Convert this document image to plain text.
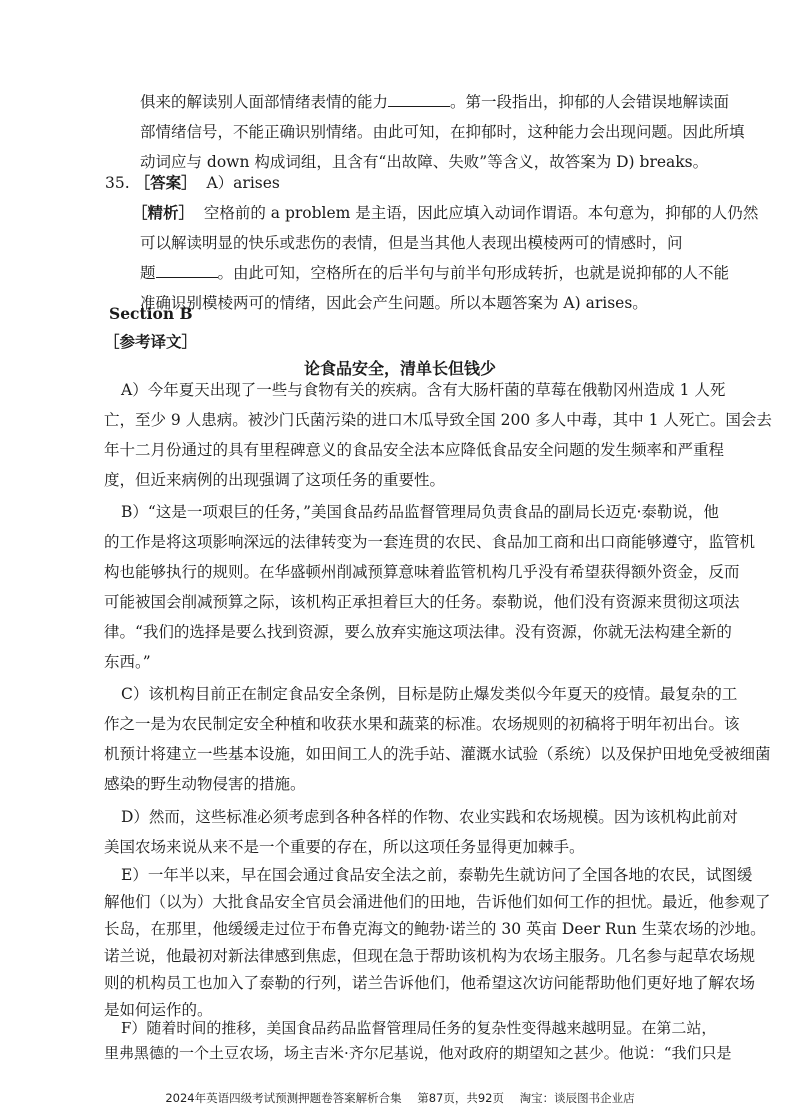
俱来的解读别人面部情绪表情的能力	。第一段指出，抑郁的人会错误地解读面
部情绪信号，不能正确识别情绪。由此可知，在抑郁时，这种能力会出现问题。因此所填
动词应与 down 构成词组，且含有“出故障、失败”等含义，故答案为 D) breaks。
35. ［答案］ A）arises
［精析］ 空格前的 a problem 是主语，因此应填入动词作谓语。本句意为，抑郁的人仍然
可以解读明显的快乐或悲伤的表情，但是当其他人表现出模棱两可的情感时，问
题	。由此可知，空格所在的后半句与前半句形成转折，也就是说抑郁的人不能
准确识别模棱两可的情绪，因此会产生问题。所以本题答案为 A) arises。
Section B
［参考译文］
论食品安全，清单长但钱少
A）今年夏天出现了一些与食物有关的疾病。含有大肠杆菌的草莓在俄勒冈州造成 1 人死
亡，至少 9 人患病。被沙门氏菌污染的进口木瓜导致全国 200 多人中毒，其中 1 人死亡。国会去
年十二月份通过的具有里程碑意义的食品安全法本应降低食品安全问题的发生频率和严重程
度，但近来病例的出现强调了这项任务的重要性。
B）“这是一项艰巨的任务，”美国食品药品监督管理局负责食品的副局长迈克·泰勒说，他
的工作是将这项影响深远的法律转变为一套连贯的农民、食品加工商和出口商能够遵守，监管机
构也能够执行的规则。在华盛顿州削减预算意味着监管机构几乎没有希望获得额外资金，反而
可能被国会削减预算之际，该机构正承担着巨大的任务。泰勒说，他们没有资源来贯彻这项法
律。“我们的选择是要么找到资源，要么放弃实施这项法律。没有资源，你就无法构建全新的
东西。”
C）该机构目前正在制定食品安全条例，目标是防止爆发类似今年夏天的疫情。最复杂的工
作之一是为农民制定安全种植和收获水果和蔬菜的标准。农场规则的初稿将于明年初出台。该
机预计将建立一些基本设施，如田间工人的洗手站、灌溉水试验（系统）以及保护田地免受被细菌
感染的野生动物侵害的措施。
D）然而，这些标准必须考虑到各种各样的作物、农业实践和农场规模。因为该机构此前对
美国农场来说从来不是一个重要的存在，所以这项任务显得更加棘手。
E）一年半以来，早在国会通过食品安全法之前，泰勒先生就访问了全国各地的农民，试图缓
解他们（以为）大批食品安全官员会涌进他们的田地，告诉他们如何工作的担忧。最近，他参观了
长岛，在那里，他缓缓走过位于布鲁克海文的鲍勃·诺兰的 30 英亩 Deer Run 生菜农场的沙地。
诺兰说，他最初对新法律感到焦虑，但现在急于帮助该机构为农场主服务。几名参与起草农场规
则的机构员工也加入了泰勒的行列，诺兰告诉他们，他希望这次访问能帮助他们更好地了解农场
是如何运作的。
F）随着时间的推移，美国食品药品监督管理局任务的复杂性变得越来越明显。在第二站，
2024年英语四级考试预测押题卷答案解析合集 第87页，共92页 淘宝：谈辰图书企业店
里弗黑德的一个土豆农场，场主吉米·齐尔尼基说，他对政府的期望知之甚少。他说：“我们只是
